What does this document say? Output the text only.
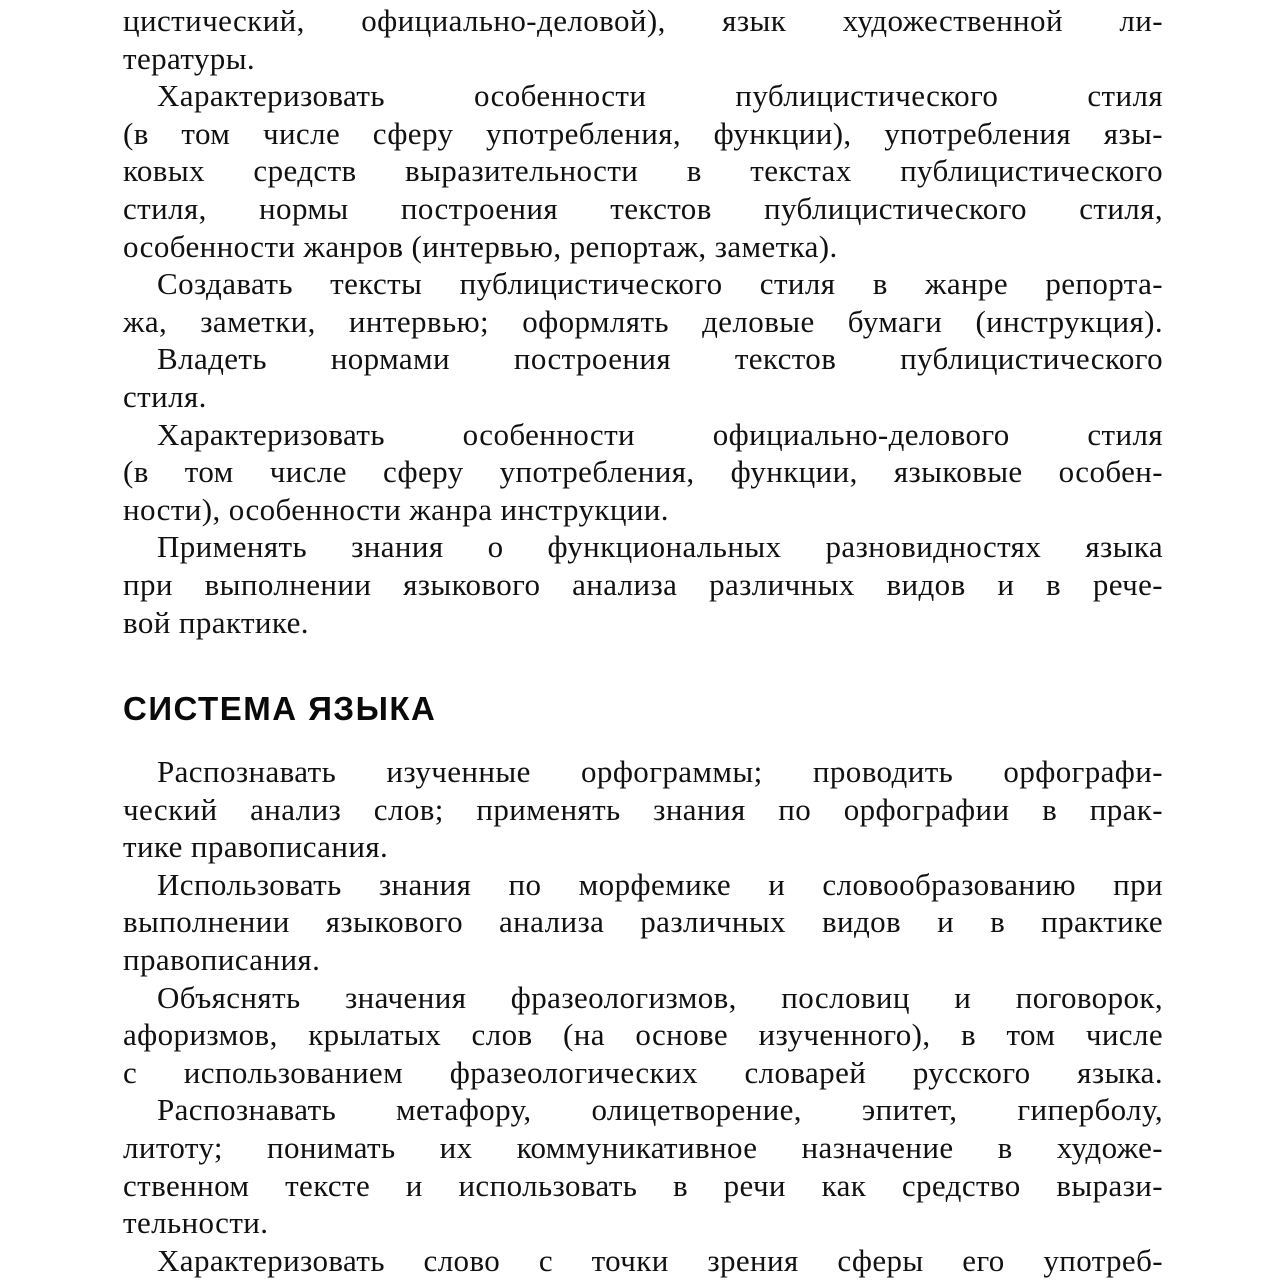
цистический, официально-деловой), язык художественной ли-
тературы.
Характеризовать особенности публицистического стиля
(в том числе сферу употребления, функции), употребления язы-
ковых средств выразительности в текстах публицистического
стиля, нормы построения текстов публицистического стиля,
особенности жанров (интервью, репортаж, заметка).
Создавать тексты публицистического стиля в жанре репорта-
жа, заметки, интервью; оформлять деловые бумаги (инструкция).
Владеть нормами построения текстов публицистического
стиля.
Характеризовать особенности официально-делового стиля
(в том числе сферу употребления, функции, языковые особен-
ности), особенности жанра инструкции.
Применять знания о функциональных разновидностях языка
при выполнении языкового анализа различных видов и в рече-
вой практике.
СИСТЕМА ЯЗЫКА
Распознавать изученные орфограммы; проводить орфографи-
ческий анализ слов; применять знания по орфографии в прак-
тике правописания.
Использовать знания по морфемике и словообразованию при
выполнении языкового анализа различных видов и в практике
правописания.
Объяснять значения фразеологизмов, пословиц и поговорок,
афоризмов, крылатых слов (на основе изученного), в том числе
с использованием фразеологических словарей русского языка.
Распознавать метафору, олицетворение, эпитет, гиперболу,
литоту; понимать их коммуникативное назначение в художе-
ственном тексте и использовать в речи как средство вырази-
тельности.
Характеризовать слово с точки зрения сферы его употреб-
